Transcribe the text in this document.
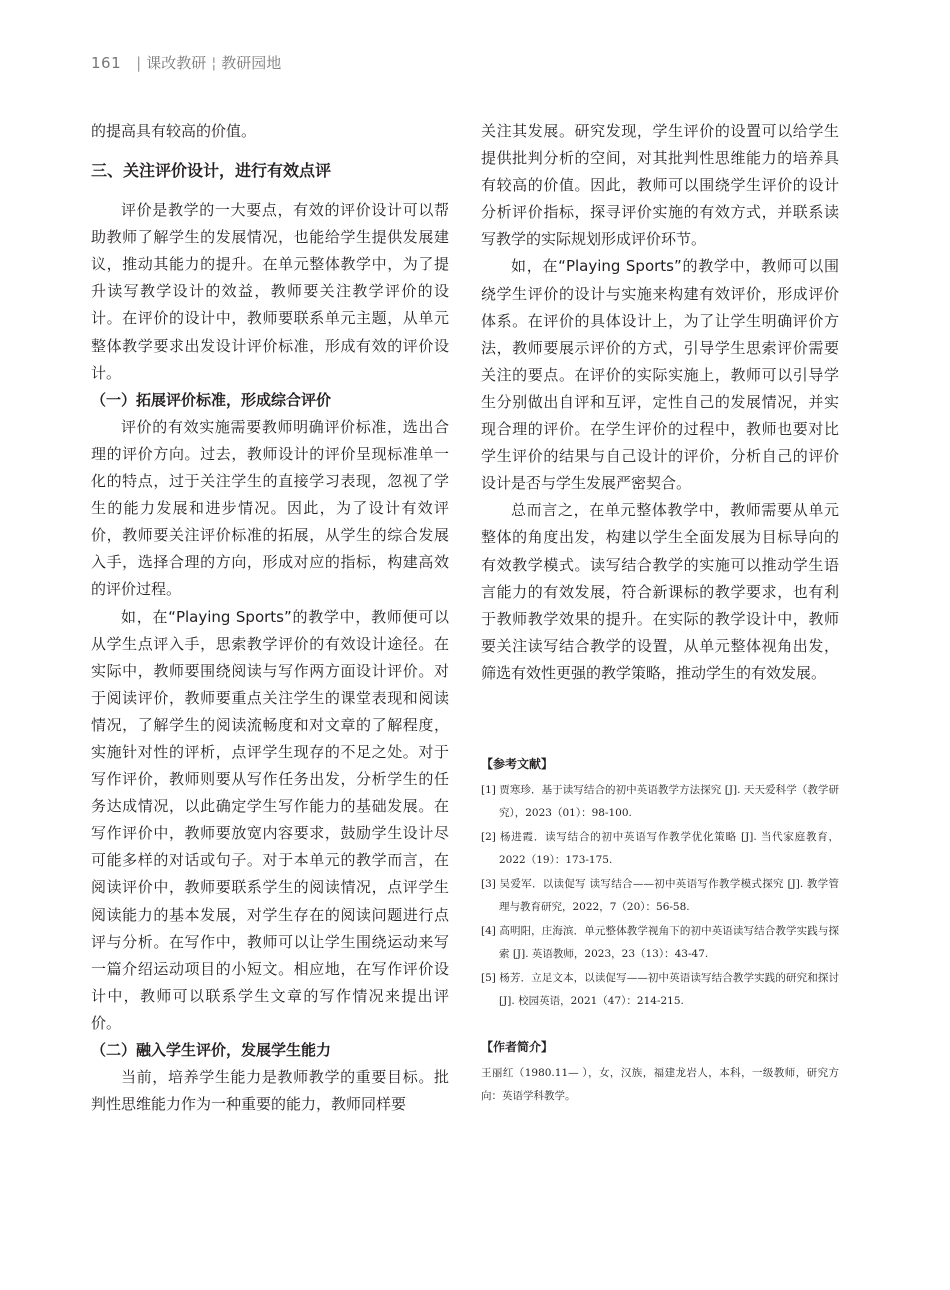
161 | 课改教研 ¦ 教研园地

的提高具有较高的价值。

三、关注评价设计，进行有效点评

评价是教学的一大要点，有效的评价设计可以帮助教师了解学生的发展情况，也能给学生提供发展建议，推动其能力的提升。在单元整体教学中，为了提升读写教学设计的效益，教师要关注教学评价的设计。在评价的设计中，教师要联系单元主题，从单元整体教学要求出发设计评价标准，形成有效的评价设计。

（一）拓展评价标准，形成综合评价

评价的有效实施需要教师明确评价标准，选出合理的评价方向。过去，教师设计的评价呈现标准单一化的特点，过于关注学生的直接学习表现，忽视了学生的能力发展和进步情况。因此，为了设计有效评价，教师要关注评价标准的拓展，从学生的综合发展入手，选择合理的方向，形成对应的指标，构建高效的评价过程。

如，在“Playing Sports”的教学中，教师便可以从学生点评入手，思索教学评价的有效设计途径。在实际中，教师要围绕阅读与写作两方面设计评价。对于阅读评价，教师要重点关注学生的课堂表现和阅读情况，了解学生的阅读流畅度和对文章的了解程度，实施针对性的评析，点评学生现存的不足之处。对于写作评价，教师则要从写作任务出发，分析学生的任务达成情况，以此确定学生写作能力的基础发展。在写作评价中，教师要放宽内容要求，鼓励学生设计尽可能多样的对话或句子。对于本单元的教学而言，在阅读评价中，教师要联系学生的阅读情况，点评学生阅读能力的基本发展，对学生存在的阅读问题进行点评与分析。在写作中，教师可以让学生围绕运动来写一篇介绍运动项目的小短文。相应地，在写作评价设计中，教师可以联系学生文章的写作情况来提出评价。

（二）融入学生评价，发展学生能力

当前，培养学生能力是教师教学的重要目标。批判性思维能力作为一种重要的能力，教师同样要

关注其发展。研究发现，学生评价的设置可以给学生提供批判分析的空间，对其批判性思维能力的培养具有较高的价值。因此，教师可以围绕学生评价的设计分析评价指标，探寻评价实施的有效方式，并联系读写教学的实际规划形成评价环节。

如，在“Playing Sports”的教学中，教师可以围绕学生评价的设计与实施来构建有效评价，形成评价体系。在评价的具体设计上，为了让学生明确评价方法，教师要展示评价的方式，引导学生思索评价需要关注的要点。在评价的实际实施上，教师可以引导学生分别做出自评和互评，定性自己的发展情况，并实现合理的评价。在学生评价的过程中，教师也要对比学生评价的结果与自己设计的评价，分析自己的评价设计是否与学生发展严密契合。

总而言之，在单元整体教学中，教师需要从单元整体的角度出发，构建以学生全面发展为目标导向的有效教学模式。读写结合教学的实施可以推动学生语言能力的有效发展，符合新课标的教学要求，也有利于教师教学效果的提升。在实际的教学设计中，教师要关注读写结合教学的设置，从单元整体视角出发，筛选有效性更强的教学策略，推动学生的有效发展。

【参考文献】
[1] 贾寒珍．基于读写结合的初中英语教学方法探究 [J]. 天天爱科学（教学研究），2023（01）：98-100.
[2] 杨进霞．读写结合的初中英语写作教学优化策略 [J]. 当代家庭教育，2022（19）：173-175.
[3] 吴爱军．以读促写 读写结合——初中英语写作教学模式探究 [J]. 教学管理与教育研究，2022，7（20）：56-58.
[4] 高明阳，庄海滨．单元整体教学视角下的初中英语读写结合教学实践与探索 [J]. 英语教师，2023，23（13）：43-47.
[5] 杨芳．立足文本，以读促写——初中英语读写结合教学实践的研究和探讨 [J]. 校园英语，2021（47）：214-215.
【作者简介】
王丽红（1980.11— ），女，汉族，福建龙岩人，本科，一级教师，研究方向：英语学科教学。
